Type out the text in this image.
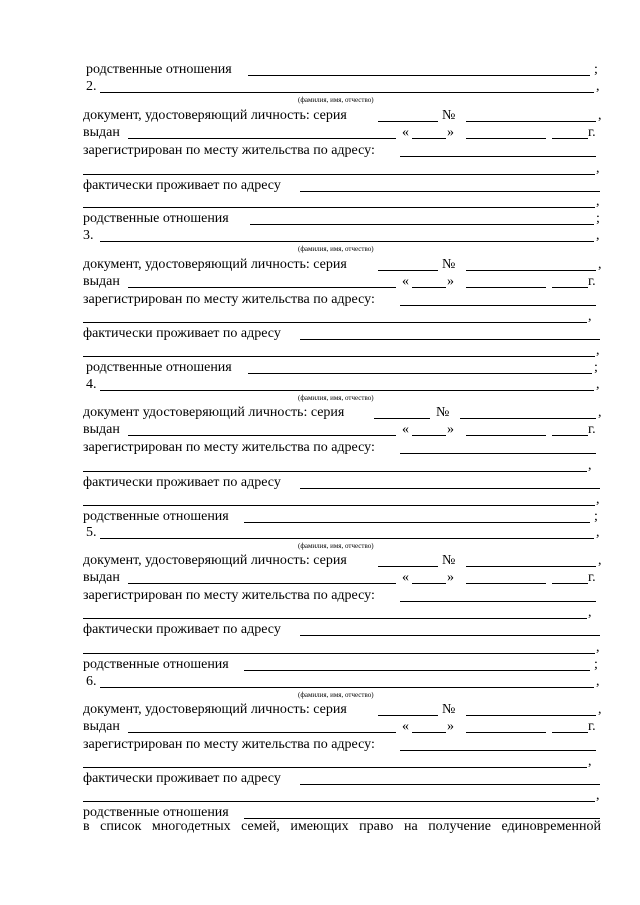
родственные отношения	;
2.	,
(фамилия, имя, отчество)
документ, удостоверяющий личность: серия	№	,
выдан	«	»	г.
зарегистрирован по месту жительства по адресу:
,
фактически проживает по адресу
,
родственные отношения	;
3.	,
(фамилия, имя, отчество)
документ, удостоверяющий личность: серия	№	,
выдан	«	»	г.
зарегистрирован по месту жительства по адресу:
,
фактически проживает по адресу
,
родственные отношения	;
4.	,
(фамилия, имя, отчество)
документ удостоверяющий личность: серия	№	,
выдан	«	»	г.
зарегистрирован по месту жительства по адресу:
,
фактически проживает по адресу
,
родственные отношения	;
5.	,
(фамилия, имя, отчество)
документ, удостоверяющий личность: серия	№	,
выдан	«	»	г.
зарегистрирован по месту жительства по адресу:
,
фактически проживает по адресу
,
родственные отношения	;
6.	,
(фамилия, имя, отчество)
документ, удостоверяющий личность: серия	№	,
выдан	«	»	г.
зарегистрирован по месту жительства по адресу:
,
фактически проживает по адресу
,
родственные отношения
в список многодетных семей, имеющих право на получение единовременной
